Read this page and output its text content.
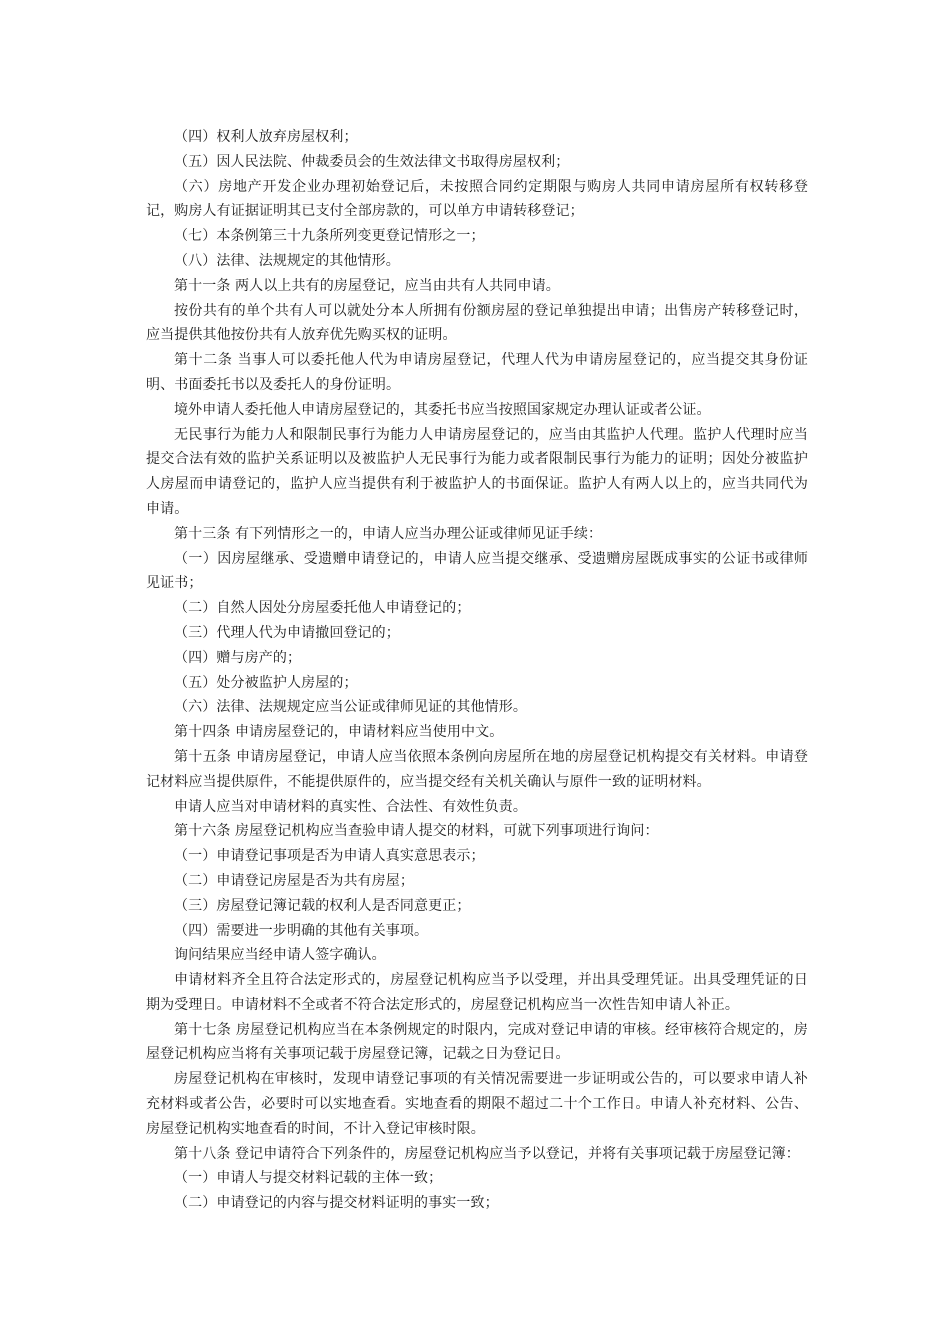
（四）权利人放弃房屋权利；

（五）因人民法院、仲裁委员会的生效法律文书取得房屋权利；

（六）房地产开发企业办理初始登记后，未按照合同约定期限与购房人共同申请房屋所有权转移登记，购房人有证据证明其已支付全部房款的，可以单方申请转移登记；

（七）本条例第三十九条所列变更登记情形之一；

（八）法律、法规规定的其他情形。

第十一条 两人以上共有的房屋登记，应当由共有人共同申请。

按份共有的单个共有人可以就处分本人所拥有份额房屋的登记单独提出申请；出售房产转移登记时，应当提供其他按份共有人放弃优先购买权的证明。

第十二条 当事人可以委托他人代为申请房屋登记，代理人代为申请房屋登记的，应当提交其身份证明、书面委托书以及委托人的身份证明。

境外申请人委托他人申请房屋登记的，其委托书应当按照国家规定办理认证或者公证。

无民事行为能力人和限制民事行为能力人申请房屋登记的，应当由其监护人代理。监护人代理时应当提交合法有效的监护关系证明以及被监护人无民事行为能力或者限制民事行为能力的证明；因处分被监护人房屋而申请登记的，监护人应当提供有利于被监护人的书面保证。监护人有两人以上的，应当共同代为申请。

第十三条 有下列情形之一的，申请人应当办理公证或律师见证手续：

（一）因房屋继承、受遗赠申请登记的，申请人应当提交继承、受遗赠房屋既成事实的公证书或律师见证书；

（二）自然人因处分房屋委托他人申请登记的；

（三）代理人代为申请撤回登记的；

（四）赠与房产的；

（五）处分被监护人房屋的；

（六）法律、法规规定应当公证或律师见证的其他情形。

第十四条 申请房屋登记的，申请材料应当使用中文。

第十五条 申请房屋登记，申请人应当依照本条例向房屋所在地的房屋登记机构提交有关材料。申请登记材料应当提供原件，不能提供原件的，应当提交经有关机关确认与原件一致的证明材料。

申请人应当对申请材料的真实性、合法性、有效性负责。

第十六条 房屋登记机构应当查验申请人提交的材料，可就下列事项进行询问：

（一）申请登记事项是否为申请人真实意思表示；

（二）申请登记房屋是否为共有房屋；

（三）房屋登记簿记载的权利人是否同意更正；

（四）需要进一步明确的其他有关事项。

询问结果应当经申请人签字确认。

申请材料齐全且符合法定形式的，房屋登记机构应当予以受理，并出具受理凭证。出具受理凭证的日期为受理日。申请材料不全或者不符合法定形式的，房屋登记机构应当一次性告知申请人补正。

第十七条 房屋登记机构应当在本条例规定的时限内，完成对登记申请的审核。经审核符合规定的，房屋登记机构应当将有关事项记载于房屋登记簿，记载之日为登记日。

房屋登记机构在审核时，发现申请登记事项的有关情况需要进一步证明或公告的，可以要求申请人补充材料或者公告，必要时可以实地查看。实地查看的期限不超过二十个工作日。申请人补充材料、公告、房屋登记机构实地查看的时间，不计入登记审核时限。

第十八条 登记申请符合下列条件的，房屋登记机构应当予以登记，并将有关事项记载于房屋登记簿：

（一）申请人与提交材料记载的主体一致；

（二）申请登记的内容与提交材料证明的事实一致；
